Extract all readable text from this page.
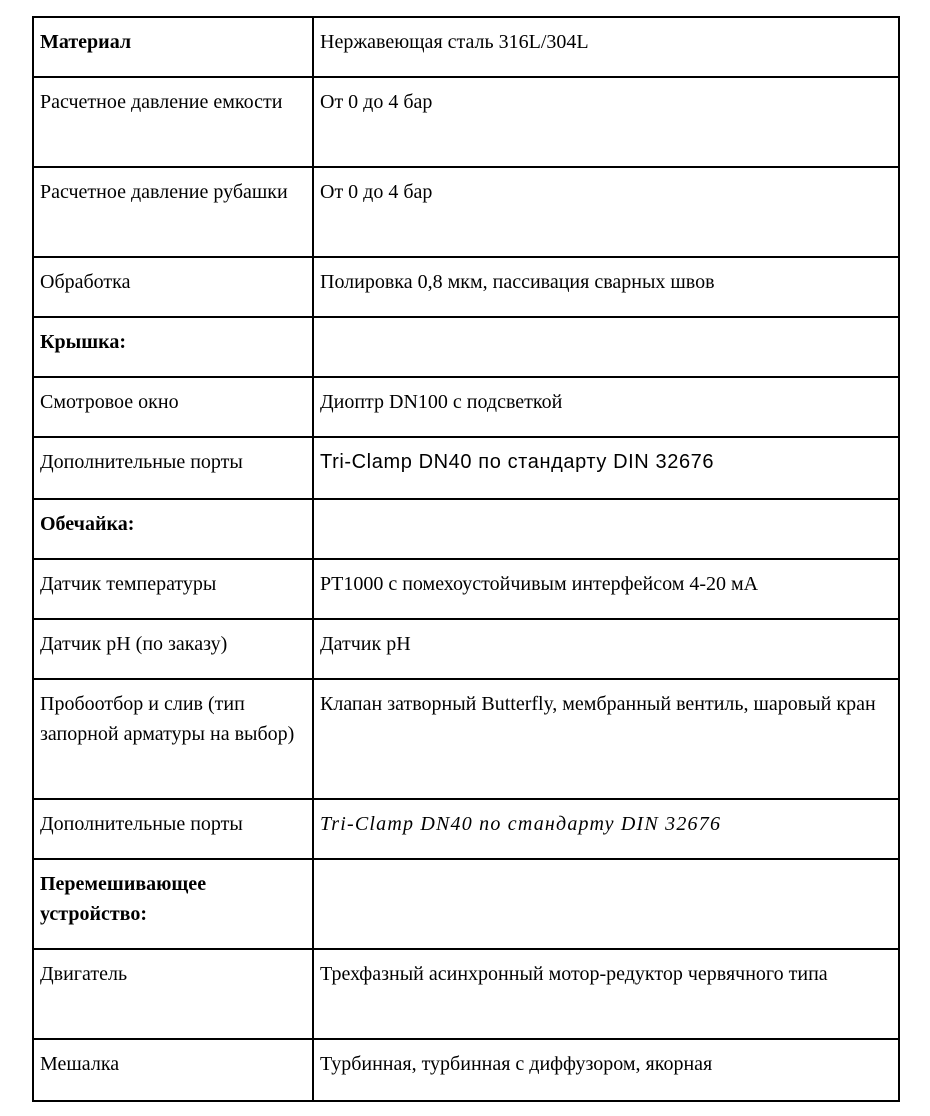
Материал	Нержавеющая сталь 316L/304L
Расчетное давление емкости	От 0 до 4 бар
Расчетное давление рубашки	От 0 до 4 бар
Обработка	Полировка 0,8 мкм, пассивация сварных швов
Крышка:	
Смотровое окно	Диоптр DN100 с подсветкой
Дополнительные порты	Tri-Clamp DN40 по стандарту DIN 32676
Обечайка:	
Датчик температуры	PT1000 с помехоустойчивым интерфейсом 4-20 мА
Датчик pH (по заказу)	Датчик pH
Пробоотбор и слив (тип запорной арматуры на выбор)	Клапан затворный Butterfly, мембранный вентиль, шаровый кран
Дополнительные порты	Tri-Clamp DN40 по стандарту DIN 32676
Перемешивающее устройство:	
Двигатель	Трехфазный асинхронный мотор-редуктор червячного типа
Мешалка	Турбинная, турбинная с диффузором, якорная
